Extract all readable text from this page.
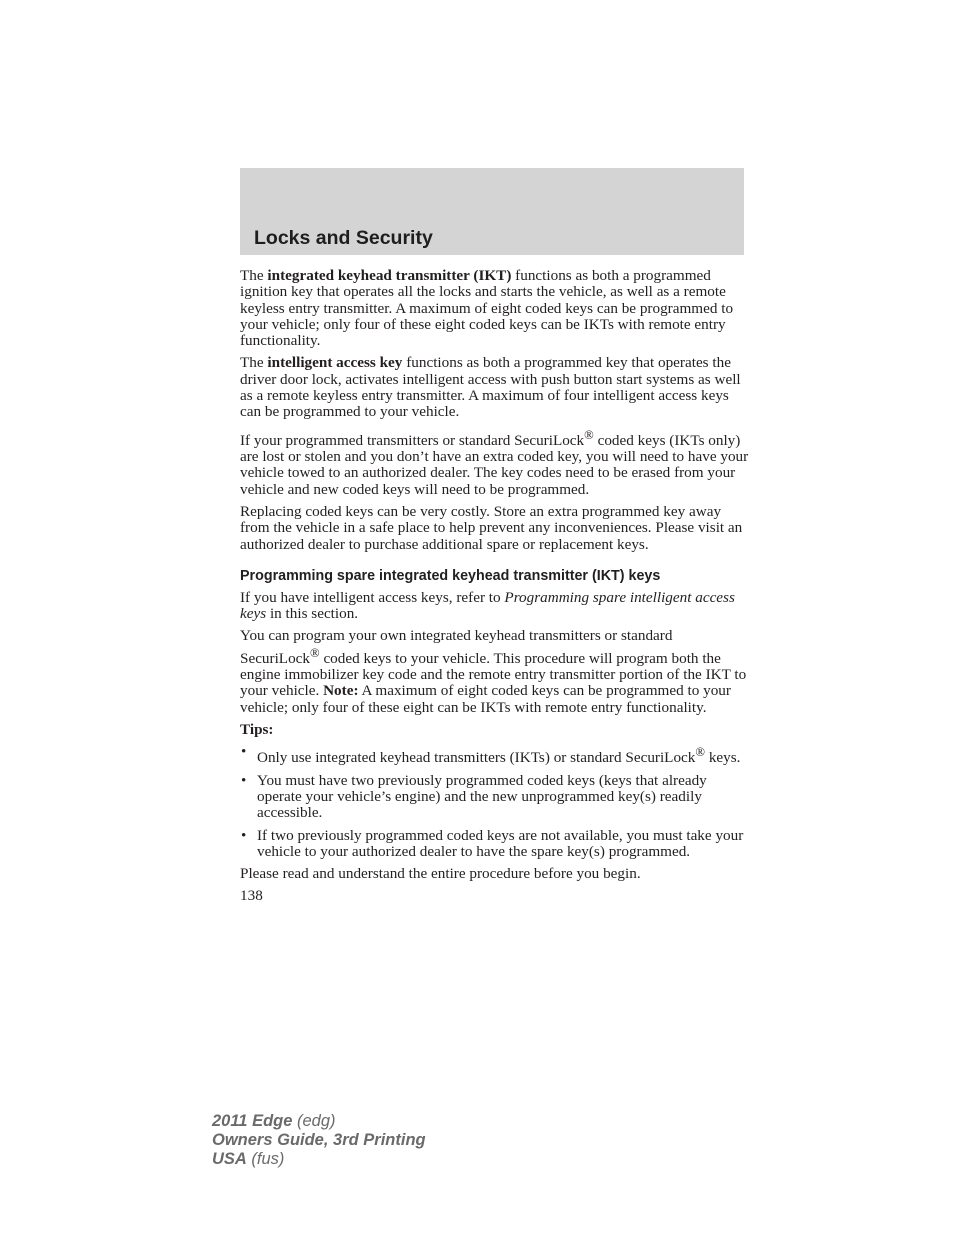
Locks and Security

The integrated keyhead transmitter (IKT) functions as both a programmed ignition key that operates all the locks and starts the vehicle, as well as a remote keyless entry transmitter. A maximum of eight coded keys can be programmed to your vehicle; only four of these eight coded keys can be IKTs with remote entry functionality.

The intelligent access key functions as both a programmed key that operates the driver door lock, activates intelligent access with push button start systems as well as a remote keyless entry transmitter. A maximum of four intelligent access keys can be programmed to your vehicle.

If your programmed transmitters or standard SecuriLock® coded keys (IKTs only) are lost or stolen and you don’t have an extra coded key, you will need to have your vehicle towed to an authorized dealer. The key codes need to be erased from your vehicle and new coded keys will need to be programmed.

Replacing coded keys can be very costly. Store an extra programmed key away from the vehicle in a safe place to help prevent any inconveniences. Please visit an authorized dealer to purchase additional spare or replacement keys.

Programming spare integrated keyhead transmitter (IKT) keys

If you have intelligent access keys, refer to Programming spare intelligent access keys in this section.

You can program your own integrated keyhead transmitters or standard SecuriLock® coded keys to your vehicle. This procedure will program both the engine immobilizer key code and the remote entry transmitter portion of the IKT to your vehicle. Note: A maximum of eight coded keys can be programmed to your vehicle; only four of these eight can be IKTs with remote entry functionality.

Tips:

• Only use integrated keyhead transmitters (IKTs) or standard SecuriLock® keys.
• You must have two previously programmed coded keys (keys that already operate your vehicle’s engine) and the new unprogrammed key(s) readily accessible.
• If two previously programmed coded keys are not available, you must take your vehicle to your authorized dealer to have the spare key(s) programmed.

Please read and understand the entire procedure before you begin.

138
2011 Edge (edg)
Owners Guide, 3rd Printing
USA (fus)
